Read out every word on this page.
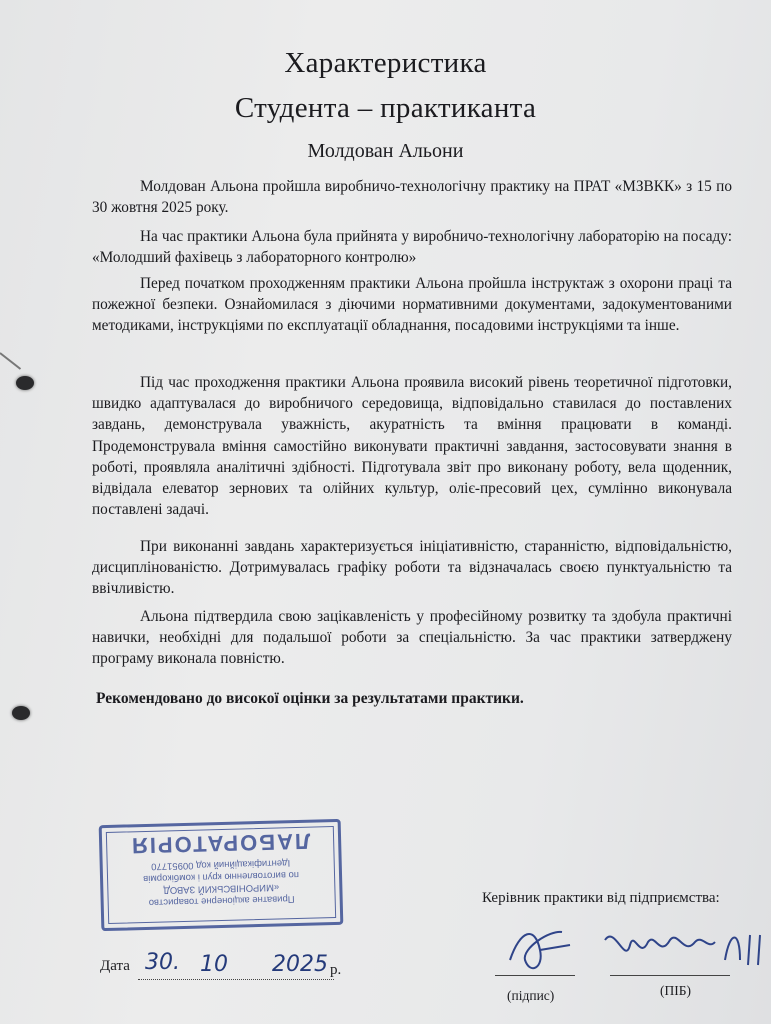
Характеристика
Студента – практиканта
Молдован Альони

Молдован Альона пройшла виробничо-технологічну практику на ПРАТ «МЗВКК» з 15 по 30 жовтня 2025 року.

На час практики Альона була прийнята у виробничо-технологічну лабораторію на посаду: «Молодший фахівець з лабораторного контролю»

Перед початком проходженням практики Альона пройшла інструктаж з охорони праці та пожежної безпеки. Ознайомилася з діючими нормативними документами, задокументованими методиками, інструкціями по експлуатації обладнання, посадовими інструкціями та інше.

Під час проходження практики Альона проявила високий рівень теоретичної підготовки, швидко адаптувалася до виробничого середовища, відповідально ставилася до поставлених завдань, демонструвала уважність, акуратність та вміння працювати в команді. Продемонструвала вміння самостійно виконувати практичні завдання, застосовувати знання в роботі, проявляла аналітичні здібності. Підготувала звіт про виконану роботу, вела щоденник, відвідала елеватор зернових та олійних культур, оліє-пресовий цех, сумлінно виконувала поставлені задачі.

При виконанні завдань характеризується ініціативністю, старанністю, відповідальністю, дисциплінованістю. Дотримувалась графіку роботи та відзначалась своєю пунктуальністю та ввічливістю.

Альона підтвердила свою зацікавленість у професійному розвитку та здобула практичні навички, необхідні для подальшої роботи за спеціальністю. За час практики затверджену програму виконала повністю.

Рекомендовано до високої оцінки за результатами практики.
Приватне акціонерне товариство
«МИРОНІВСЬКИЙ ЗАВОД
по виготовленню круп і комбікормів
Ідентифікаційний код 00951770
ЛАБОРАТОРІЯ
Керівник практики від підприємства:
Дата 30. 10 2025 р.
(підпис)	(ПІБ)
